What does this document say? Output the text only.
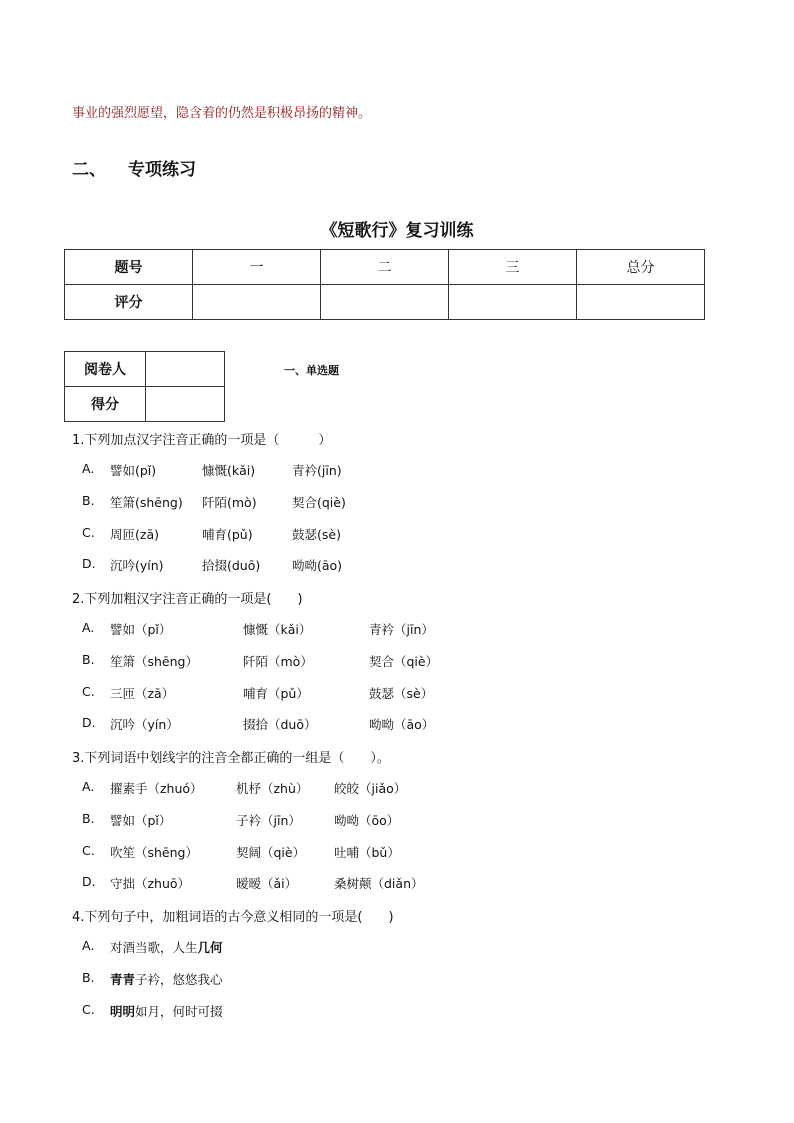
事业的强烈愿望，隐含着的仍然是积极昂扬的精神。
二、 专项练习
《短歌行》复习训练
题号	一	二	三	总分
评分				
阅卷人	
得分	
一、单选题
1.下列加点汉字注音正确的一项是（　　　）
A. 譬如(pǐ)	慷慨(kǎi)	青衿(jīn)
B. 笙箫(shēng) 阡陌(mò)	契合(qiè)
C. 周匝(zā)	哺育(pǔ)	鼓瑟(sè)
D. 沉吟(yín)	拾掇(duō)	呦呦(āo)
2.下列加粗汉字注音正确的一项是(　　)
A. 譬如（pǐ）	慷慨（kǎi）	青衿（jīn）
B. 笙箫（shēng）	阡陌（mò）	契合（qiè）
C. 三匝（zā）	哺育（pǔ）	鼓瑟（sè）
D. 沉吟（yín）	掇拾（duō）	呦呦（āo）
3.下列词语中划线字的注音全都正确的一组是（　　）。
A. 擢素手（zhuó）	机杼（zhù） 皎皎（jiǎo）
B. 譬如（pǐ）	子衿（jīn）	呦呦（ōo）
C. 吹笙（shēng）	契阔（qiè） 吐哺（bǔ）
D. 守拙（zhuō）	暧暧（ǎi）	桑树颠（diǎn）
4.下列句子中，加粗词语的古今意义相同的一项是(　　)
A. 对酒当歌，人生几何
B. 青青子衿，悠悠我心
C. 明明如月，何时可掇
